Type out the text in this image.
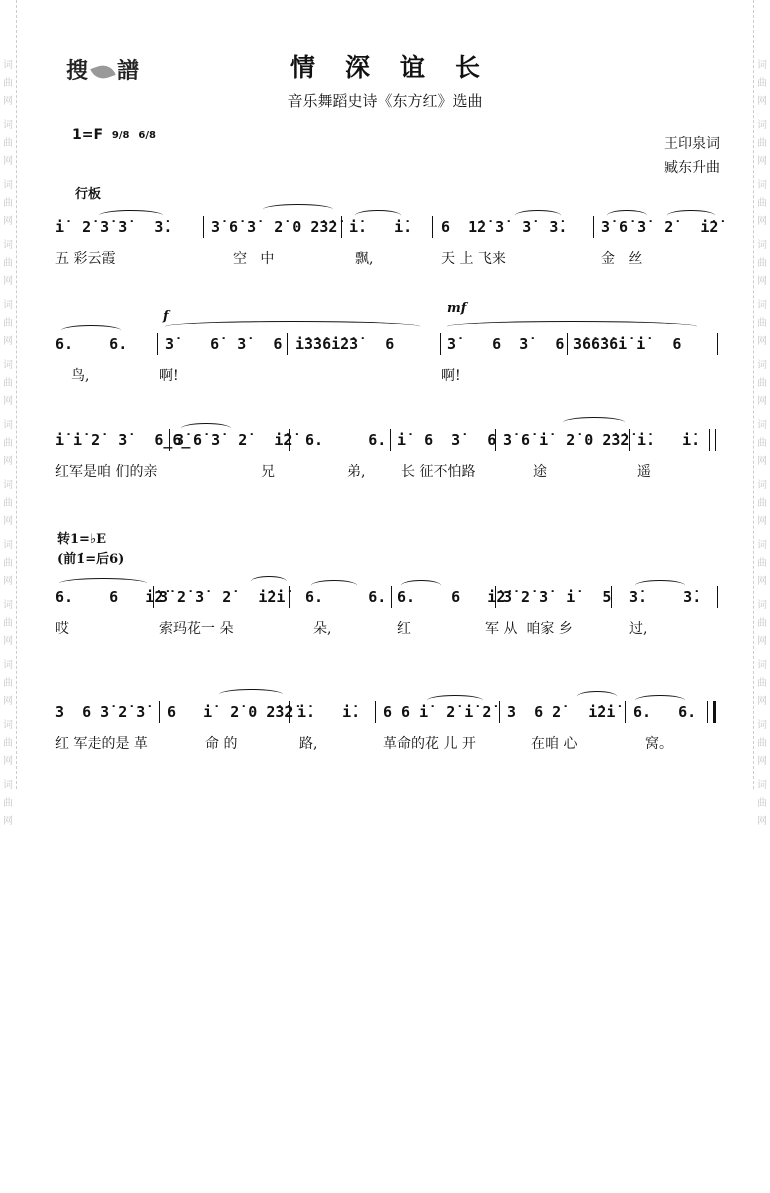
词
曲
网
词
曲
网
词
曲
网
词
曲
网
词
曲
网
词
曲
网
词
曲
网
词
曲
网
词
曲
网
词
曲
网
词
曲
网
词
曲
网
词
曲
网
词
曲
网
词
曲
网
词
曲
网
词
曲
网
词
曲
网
词
曲
网
词
曲
网
词
曲
网
词
曲
网
词
曲
网
词
曲
网
词
曲
网
词
曲
网
搜 譜	情深谊长
音乐舞蹈史诗《东方红》选曲
1=F 9/8 6/8
王印泉词
臧东升曲
行板
转1=♭E
(前1̇=后6)

i̇  2̇ 3̇ 3̇   3̇.

	3̇ 6̇ 3̇  2̇ 0 2̇3̇2̇

i̇.   i̇.

6  1̇2̇ 3̇  3̇  3̇.

3̇ 6̇ 3̇  2̇   i̇2̇

五 彩云霞

	空   中

	飘,

	天 上 飞来

	金   丝

f
mf

6.    6.

	3̇    6̇  3̇   6

i̇3̇3̇6̇i̇2̇3̇   6

	3̇    6  3̇   6

3̇6̇6̇3̇6̇i̇ i̇   6

鸟,

	啊!

	啊!

i̇ i̇ 2̇  3̇   6̲6̲

3̇ 6̇ 3̇  2̇   i̇2̇

6.     6.

i̇  6  3̇   6

3̇ 6̇ i̇  2̇ 0 2̇3̇2̇

i̇.   i̇.

红军是咱 们的亲

	兄

	弟,

	长 征不怕路

	途

	遥

6.    6   i̇2̇

3̇ 2̇ 3̇  2̇   i̇2̇i̇

6.     6.

6.    6   i̇2̇

3̇ 2̇ 3̇  i̇   5

3̇.    3̇.

哎

	索玛花一 朵

	朵,

	红

	军 从  咱家 乡

	过,

3  6 3̇ 2̇ 3̇

6   i̇  2̇ 0 2̇3̇2̇

i̇.   i̇.

6 6 i̇  2̇ i̇ 2̇

3  6 2̇   i̇2̇i̇

6.   6.

红 军走的是 革

	命 的

	路,

	革命的花 儿 开

	在咱 心

	窝。
